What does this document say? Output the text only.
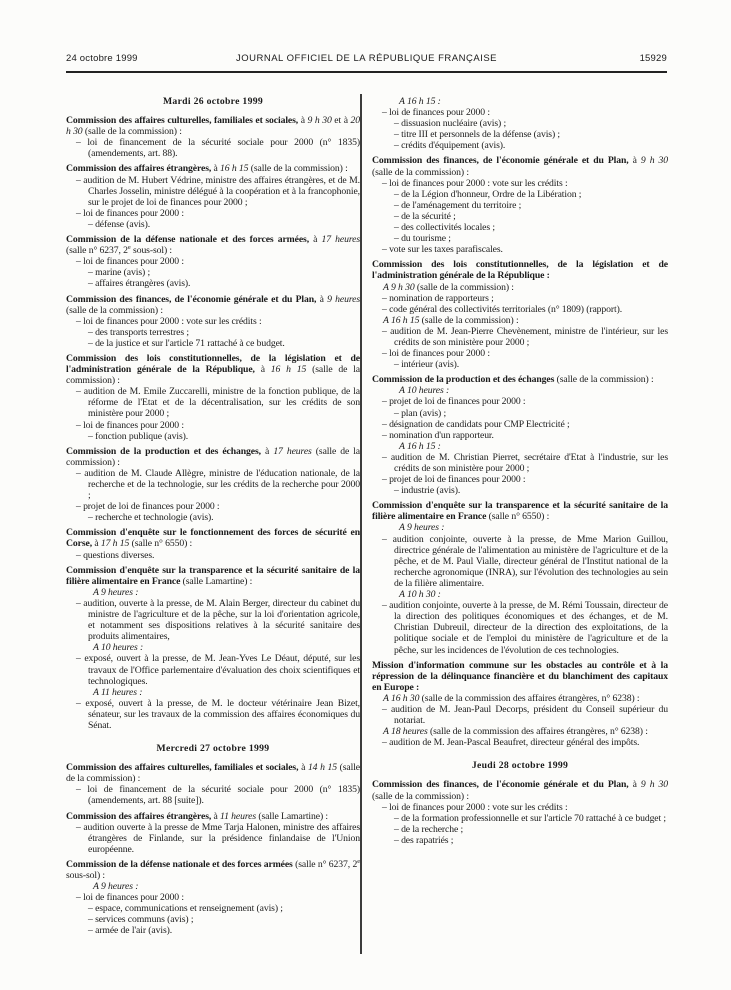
24 octobre 1999	JOURNAL OFFICIEL DE LA RÉPUBLIQUE FRANÇAISE	15929
Mardi 26 octobre 1999
Commission des affaires culturelles, familiales et sociales, à 9 h 30 et à 20 h 30 (salle de la commission) :
– loi de financement de la sécurité sociale pour 2000 (n° 1835) (amendements, art. 88).
Commission des affaires étrangères, à 16 h 15 (salle de la commission) :
– audition de M. Hubert Védrine, ministre des affaires étrangères, et de M. Charles Josselin, ministre délégué à la coopération et à la francophonie, sur le projet de loi de finances pour 2000 ;
– loi de finances pour 2000 :
– défense (avis).
Commission de la défense nationale et des forces armées, à 17 heures (salle n° 6237, 2e sous-sol) :
– loi de finances pour 2000 :
– marine (avis) ;
– affaires étrangères (avis).
Commission des finances, de l'économie générale et du Plan, à 9 heures (salle de la commission) :
– loi de finances pour 2000 : vote sur les crédits :
– des transports terrestres ;
– de la justice et sur l'article 71 rattaché à ce budget.
Commission des lois constitutionnelles, de la législation et de l'administration générale de la République, à 16 h 15 (salle de la commission) :
– audition de M. Emile Zuccarelli, ministre de la fonction publique, de la réforme de l'Etat et de la décentralisation, sur les crédits de son ministère pour 2000 ;
– loi de finances pour 2000 :
– fonction publique (avis).
Commission de la production et des échanges, à 17 heures (salle de la commission) :
– audition de M. Claude Allègre, ministre de l'éducation nationale, de la recherche et de la technologie, sur les crédits de la recherche pour 2000 ;
– projet de loi de finances pour 2000 :
– recherche et technologie (avis).
Commission d'enquête sur le fonctionnement des forces de sécurité en Corse, à 17 h 15 (salle n° 6550) :
– questions diverses.
Commission d'enquête sur la transparence et la sécurité sanitaire de la filière alimentaire en France (salle Lamartine) :
A 9 heures :
– audition, ouverte à la presse, de M. Alain Berger, directeur du cabinet du ministre de l'agriculture et de la pêche, sur la loi d'orientation agricole, et notamment ses dispositions relatives à la sécurité sanitaire des produits alimentaires,
A 10 heures :
– exposé, ouvert à la presse, de M. Jean-Yves Le Déaut, député, sur les travaux de l'Office parlementaire d'évaluation des choix scientifiques et technologiques.
A 11 heures :
– exposé, ouvert à la presse, de M. le docteur vétérinaire Jean Bizet, sénateur, sur les travaux de la commission des affaires économiques du Sénat.
Mercredi 27 octobre 1999
Commission des affaires culturelles, familiales et sociales, à 14 h 15 (salle de la commission) :
– loi de financement de la sécurité sociale pour 2000 (n° 1835) (amendements, art. 88 [suite]).
Commission des affaires étrangères, à 11 heures (salle Lamartine) :
– audition ouverte à la presse de Mme Tarja Halonen, ministre des affaires étrangères de Finlande, sur la présidence finlandaise de l'Union européenne.
Commission de la défense nationale et des forces armées (salle n° 6237, 2e sous-sol) :
A 9 heures :
– loi de finances pour 2000 :
– espace, communications et renseignement (avis) ;
– services communs (avis) ;
– armée de l'air (avis).
A 16 h 15 :
– loi de finances pour 2000 :
– dissuasion nucléaire (avis) ;
– titre III et personnels de la défense (avis) ;
– crédits d'équipement (avis).
Commission des finances, de l'économie générale et du Plan, à 9 h 30 (salle de la commission) :
– loi de finances pour 2000 : vote sur les crédits :
– de la Légion d'honneur, Ordre de la Libération ;
– de l'aménagement du territoire ;
– de la sécurité ;
– des collectivités locales ;
– du tourisme ;
– vote sur les taxes parafiscales.
Commission des lois constitutionnelles, de la législation et de l'administration générale de la République :
A 9 h 30 (salle de la commission) :
– nomination de rapporteurs ;
– code général des collectivités territoriales (n° 1809) (rapport).
A 16 h 15 (salle de la commission) :
– audition de M. Jean-Pierre Chevènement, ministre de l'intérieur, sur les crédits de son ministère pour 2000 ;
– loi de finances pour 2000 :
– intérieur (avis).
Commission de la production et des échanges (salle de la commission) :
A 10 heures :
– projet de loi de finances pour 2000 :
– plan (avis) ;
– désignation de candidats pour CMP Electricité ;
– nomination d'un rapporteur.
A 16 h 15 :
– audition de M. Christian Pierret, secrétaire d'Etat à l'industrie, sur les crédits de son ministère pour 2000 ;
– projet de loi de finances pour 2000 :
– industrie (avis).
Commission d'enquête sur la transparence et la sécurité sanitaire de la filière alimentaire en France (salle n° 6550) :
A 9 heures :
– audition conjointe, ouverte à la presse, de Mme Marion Guillou, directrice générale de l'alimentation au ministère de l'agriculture et de la pêche, et de M. Paul Vialle, directeur général de l'Institut national de la recherche agronomique (INRA), sur l'évolution des technologies au sein de la filière alimentaire.
A 10 h 30 :
– audition conjointe, ouverte à la presse, de M. Rémi Toussain, directeur de la direction des politiques économiques et des échanges, et de M. Christian Dubreuil, directeur de la direction des exploitations, de la politique sociale et de l'emploi du ministère de l'agriculture et de la pêche, sur les incidences de l'évolution de ces technologies.
Mission d'information commune sur les obstacles au contrôle et à la répression de la délinquance financière et du blanchiment des capitaux en Europe :
A 16 h 30 (salle de la commission des affaires étrangères, n° 6238) :
– audition de M. Jean-Paul Decorps, président du Conseil supérieur du notariat.
A 18 heures (salle de la commission des affaires étrangères, n° 6238) :
– audition de M. Jean-Pascal Beaufret, directeur général des impôts.
Jeudi 28 octobre 1999
Commission des finances, de l'économie générale et du Plan, à 9 h 30 (salle de la commission) :
– loi de finances pour 2000 : vote sur les crédits :
– de la formation professionnelle et sur l'article 70 rattaché à ce budget ;
– de la recherche ;
– des rapatriés ;
